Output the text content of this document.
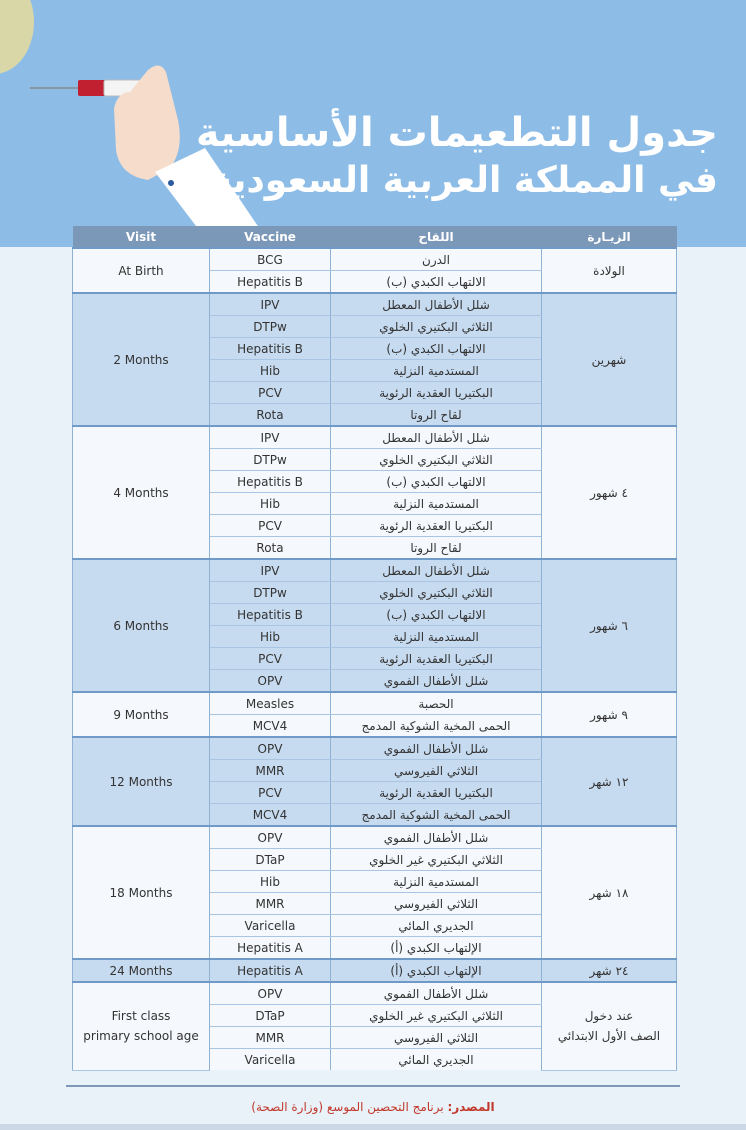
جدول التطعيمات الأساسية
في المملكة العربية السعودية
Visit	Vaccine	اللقاح	الزيـارة
At Birth	BCG	الدرن	الولادة
	Hepatitis B	الالتهاب الكبدي (ب)	
2 Months	IPV	شلل الأطفال المعطل	شهرين
	DTPw	الثلاثي البكتيري الخلوي	
	Hepatitis B	الالتهاب الكبدي (ب)	
	Hib	المستدمية النزلية	
	PCV	البكتيريا العقدية الرئوية	
	Rota	لقاح الروتا	
4 Months	IPV	شلل الأطفال المعطل	٤ شهور
	DTPw	الثلاثي البكتيري الخلوي	
	Hepatitis B	الالتهاب الكبدي (ب)	
	Hib	المستدمية النزلية	
	PCV	البكتيريا العقدية الرئوية	
	Rota	لقاح الروتا	
6 Months	IPV	شلل الأطفال المعطل	٦ شهور
	DTPw	الثلاثي البكتيري الخلوي	
	Hepatitis B	الالتهاب الكبدي (ب)	
	Hib	المستدمية النزلية	
	PCV	البكتيريا العقدية الرئوية	
	OPV	شلل الأطفال الفموي	
9 Months	Measles	الحصبة	٩ شهور
	MCV4	الحمى المخية الشوكية المدمج	
12 Months	OPV	شلل الأطفال الفموي	١٢ شهر
	MMR	الثلاثي الفيروسي	
	PCV	البكتيريا العقدية الرئوية	
	MCV4	الحمى المخية الشوكية المدمج	
18 Months	OPV	شلل الأطفال الفموي	١٨ شهر
	DTaP	الثلاثي البكتيري غير الخلوي	
	Hib	المستدمية النزلية	
	MMR	الثلاثي الفيروسي	
	Varicella	الجديري المائي	
	Hepatitis A	الإلتهاب الكبدي (أ)	
24 Months	Hepatitis A	الإلتهاب الكبدي (أ)	٢٤ شهر
First class
primary school age	OPV	شلل الأطفال الفموي	عند دخول
الصف الأول الابتدائي
	DTaP	الثلاثي البكتيري غير الخلوي	
	MMR	الثلاثي الفيروسي	
	Varicella	الجديري المائي	
المصدر: برنامج التحصين الموسع (وزارة الصحة)
